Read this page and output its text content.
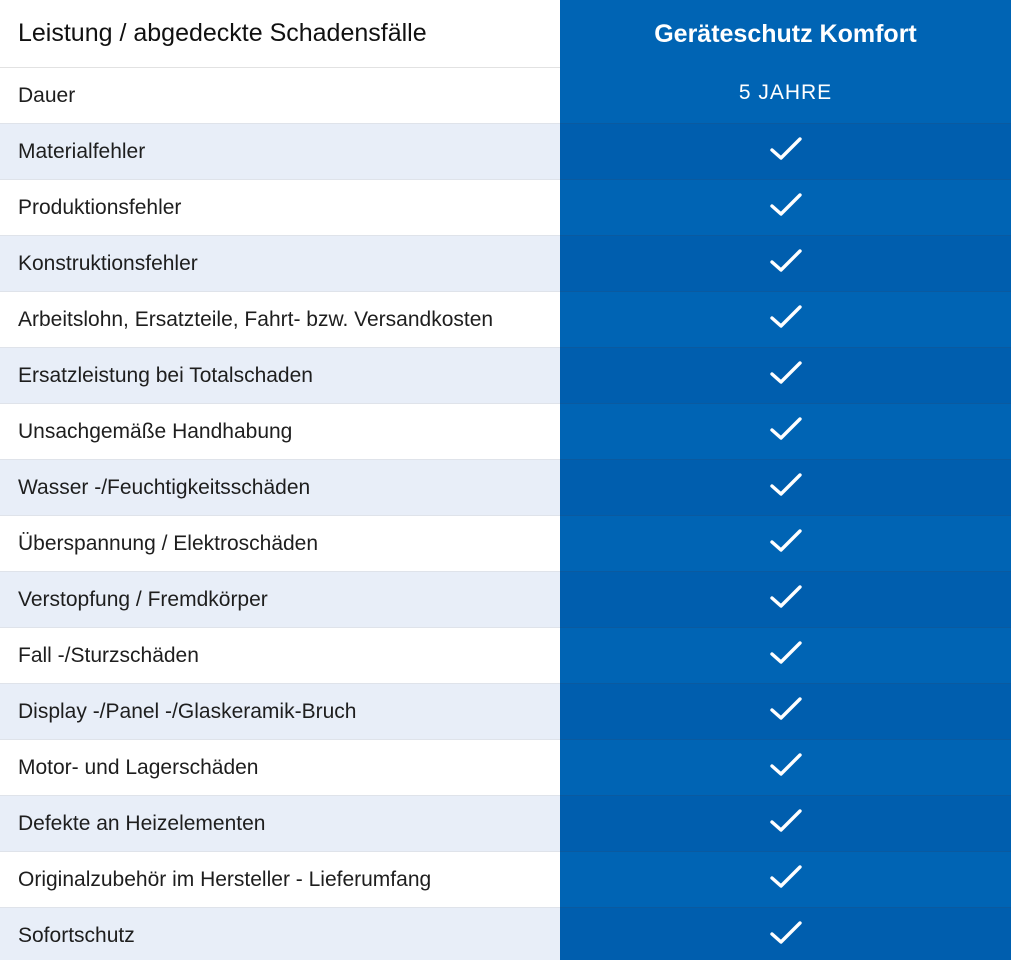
Leistung / abgedeckte Schadensfälle	Geräteschutz Komfort
Dauer	5 JAHRE
Materialfehler
Produktionsfehler
Konstruktionsfehler
Arbeitslohn, Ersatzteile, Fahrt- bzw. Versandkosten
Ersatzleistung bei Totalschaden
Unsachgemäße Handhabung
Wasser -/Feuchtigkeitsschäden
Überspannung / Elektroschäden
Verstopfung / Fremdkörper
Fall -/Sturzschäden
Display -/Panel -/Glaskeramik-Bruch
Motor- und Lagerschäden
Defekte an Heizelementen
Originalzubehör im Hersteller - Lieferumfang
Sofortschutz
